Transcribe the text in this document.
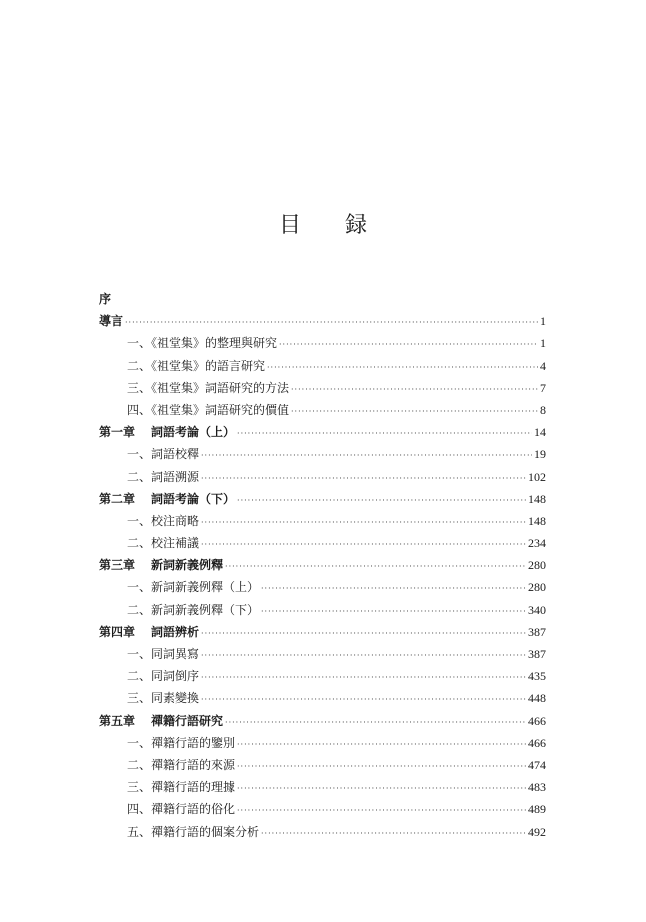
目 録
序
導言 ·····	1
一、《祖堂集》的整理與研究 ·····	1
二、《祖堂集》的語言研究 ·····	4
三、《祖堂集》詞語研究的方法 ·····	7
四、《祖堂集》詞語研究的價值 ·····	8
第一章 詞語考論（上） ·····	14
一、詞語校釋 ·····	19
二、詞語溯源 ·····	102
第二章 詞語考論（下） ·····	148
一、校注商略 ·····	148
二、校注補議 ·····	234
第三章 新詞新義例釋 ·····	280
一、新詞新義例釋（上） ·····	280
二、新詞新義例釋（下） ·····	340
第四章 詞語辨析 ·····	387
一、同詞異寫 ·····	387
二、同詞倒序 ·····	435
三、同素變換 ·····	448
第五章 禪籍行語研究 ·····	466
一、禪籍行語的鑒別 ·····	466
二、禪籍行語的來源 ·····	474
三、禪籍行語的理據 ·····	483
四、禪籍行語的俗化 ·····	489
五、禪籍行語的個案分析 ·····	492
